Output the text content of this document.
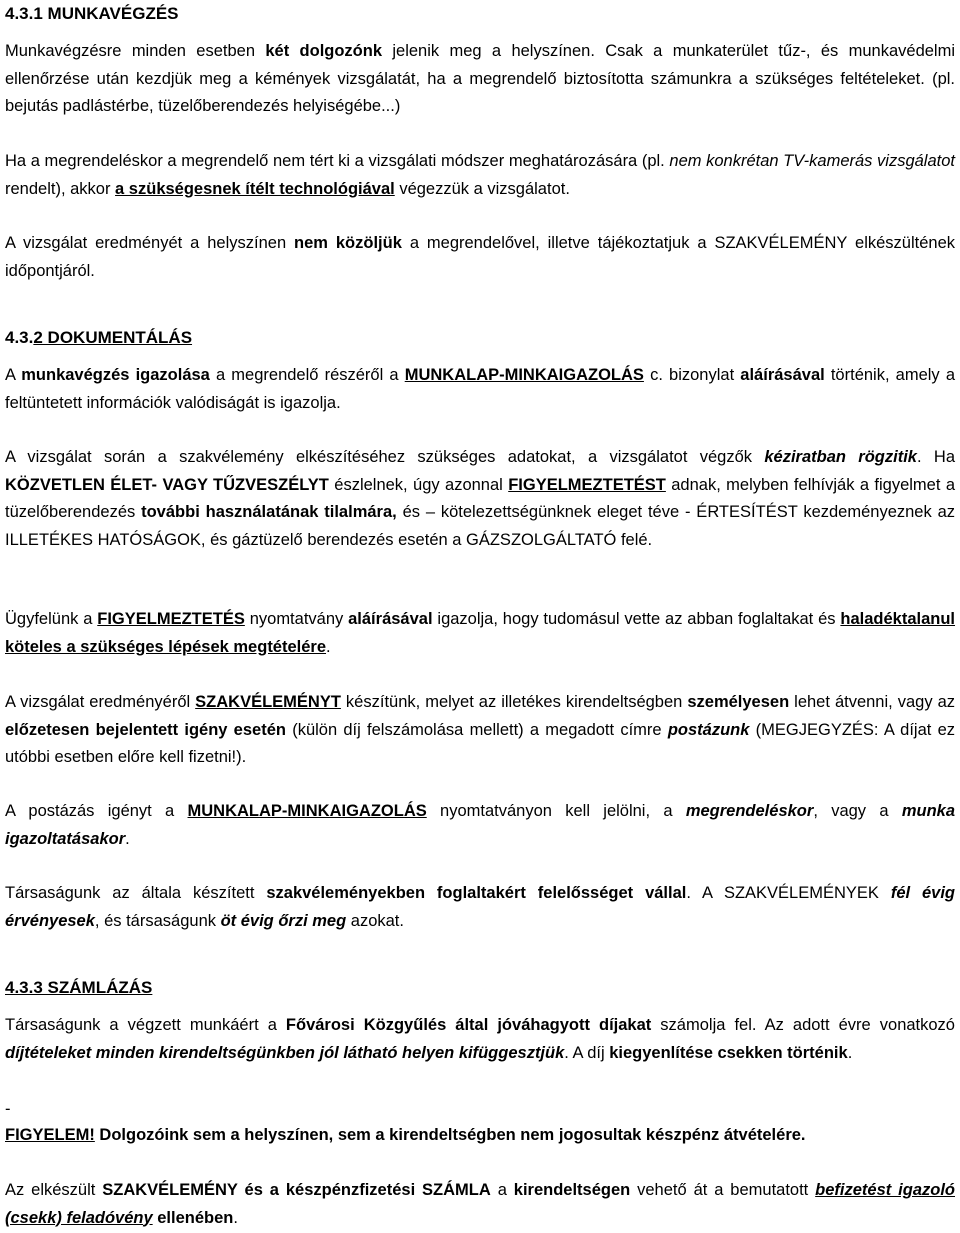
4.3.1 MUNKAVÉGZÉS

Munkavégzésre minden esetben két dolgozónk jelenik meg a helyszínen. Csak a munkaterület tűz-, és munkavédelmi ellenőrzése után kezdjük meg a kémények vizsgálatát, ha a megrendelő biztosította számunkra a szükséges feltételeket. (pl. bejutás padlástérbe, tüzelőberendezés helyiségébe...)

Ha a megrendeléskor a megrendelő nem tért ki a vizsgálati módszer meghatározására (pl. nem konkrétan TV-kamerás vizsgálatot rendelt), akkor a szükségesnek ítélt technológiával végezzük a vizsgálatot.

A vizsgálat eredményét a helyszínen nem közöljük a megrendelővel, illetve tájékoztatjuk a SZAKVÉLEMÉNY elkészültének időpontjáról.

4.3.2 DOKUMENTÁLÁS

A munkavégzés igazolása a megrendelő részéről a MUNKALAP-MINKAIGAZOLÁS c. bizonylat aláírásával történik, amely a feltüntetett információk valódiságát is igazolja.

A vizsgálat során a szakvélemény elkészítéséhez szükséges adatokat, a vizsgálatot végzők kéziratban rögzitik. Ha KÖZVETLEN ÉLET- VAGY TŰZVESZÉLYT észlelnek, úgy azonnal FIGYELMEZTETÉST adnak, melyben felhívják a figyelmet a tüzelőberendezés további használatának tilalmára, és – kötelezettségünknek eleget téve - ÉRTESÍTÉST kezdeményeznek az ILLETÉKES HATÓSÁGOK, és gáztüzelő berendezés esetén a GÁZSZOLGÁLTATÓ felé.

Ügyfelünk a FIGYELMEZTETÉS nyomtatvány aláírásával igazolja, hogy tudomásul vette az abban foglaltakat és haladéktalanul köteles a szükséges lépések megtételére.

A vizsgálat eredményéről SZAKVÉLEMÉNYT készítünk, melyet az illetékes kirendeltségben személyesen lehet átvenni, vagy az előzetesen bejelentett igény esetén (külön díj felszámolása mellett) a megadott címre postázunk (MEGJEGYZÉS: A díjat ez utóbbi esetben előre kell fizetni!).

A postázás igényt a MUNKALAP-MINKAIGAZOLÁS nyomtatványon kell jelölni, a megrendeléskor, vagy a munka igazoltatásakor.

Társaságunk az általa készített szakvéleményekben foglaltakért felelősséget vállal. A SZAKVÉLEMÉNYEK fél évig érvényesek, és társaságunk öt évig őrzi meg azokat.

4.3.3 SZÁMLÁZÁS

Társaságunk a végzett munkáért a Fővárosi Közgyűlés által jóváhagyott díjakat számolja fel. Az adott évre vonatkozó díjtételeket minden kirendeltségünkben jól látható helyen kifüggesztjük. A díj kiegyenlítése csekken történik.

-

FIGYELEM! Dolgozóink sem a helyszínen, sem a kirendeltségben nem jogosultak készpénz átvételére.

Az elkészült SZAKVÉLEMÉNY és a készpénzfizetési SZÁMLA a kirendeltségen vehető át a bemutatott befizetést igazoló (csekk) feladóvény ellenében.
